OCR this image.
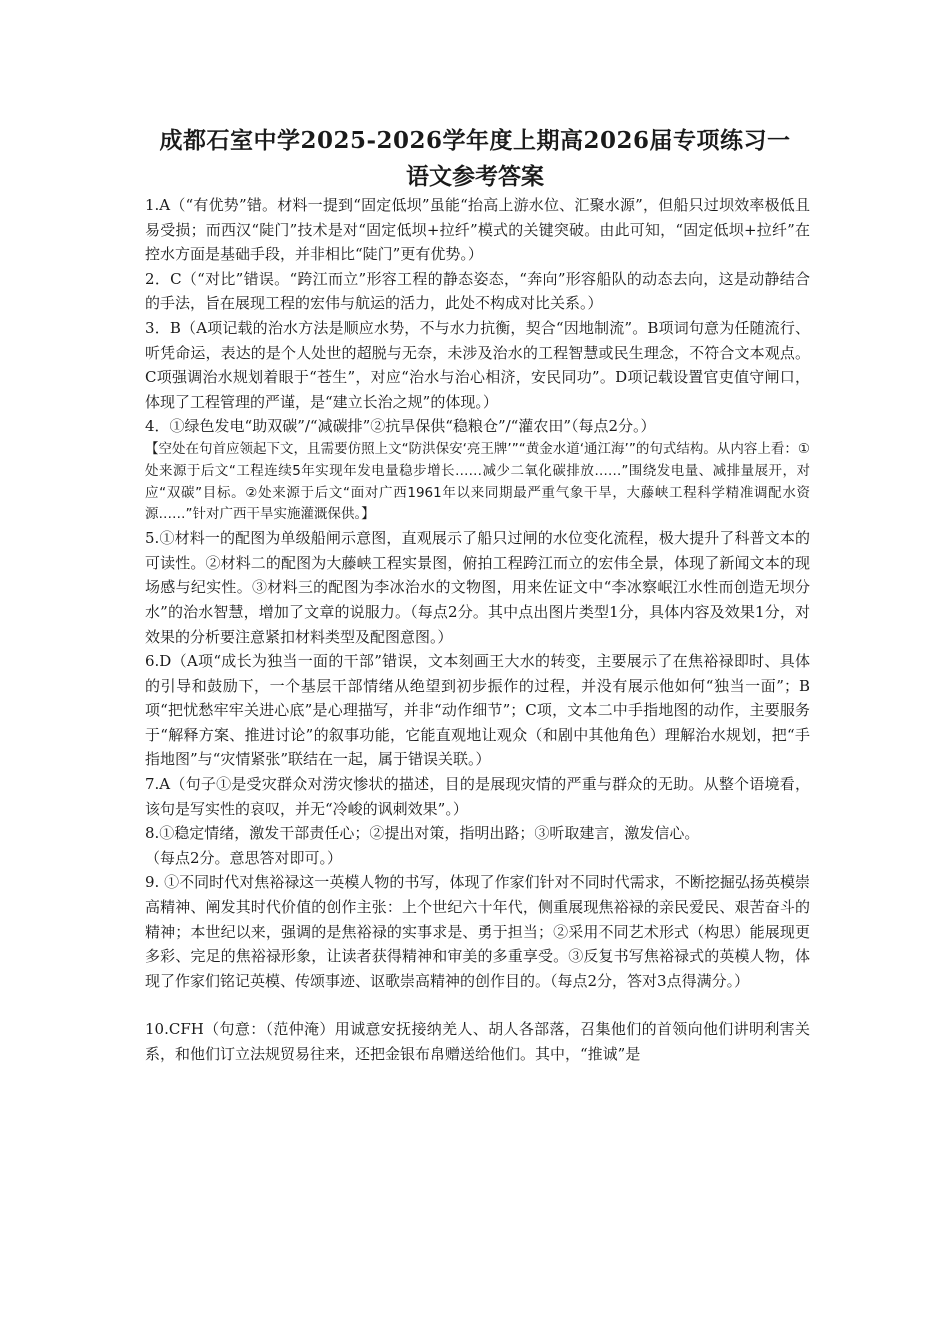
成都石室中学2025-2026学年度上期高2026届专项练习一
语文参考答案

1.A（“有优势”错。材料一提到“固定低坝”虽能“抬高上游水位、汇聚水源”，但船只过坝效率极低且易受损；而西汉“陡门”技术是对“固定低坝+拉纤”模式的关键突破。由此可知，“固定低坝+拉纤”在控水方面是基础手段，并非相比“陡门”更有优势。）

2．C（“对比”错误。“跨江而立”形容工程的静态姿态，“奔向”形容船队的动态去向，这是动静结合的手法，旨在展现工程的宏伟与航运的活力，此处不构成对比关系。）

3．B（A项记载的治水方法是顺应水势，不与水力抗衡，契合“因地制流”。B项词句意为任随流行、听凭命运，表达的是个人处世的超脱与无奈，未涉及治水的工程智慧或民生理念，不符合文本观点。C项强调治水规划着眼于“苍生”，对应“治水与治心相济，安民同功”。D项记载设置官吏值守闸口，体现了工程管理的严谨，是“建立长治之规”的体现。）

4．①绿色发电“助双碳”/“减碳排”②抗旱保供“稳粮仓”/“灌农田”（每点2分。）

【空处在句首应领起下文，且需要仿照上文“防洪保安‘亮王牌’”“黄金水道‘通江海’”的句式结构。从内容上看：①处来源于后文“工程连续5年实现年发电量稳步增长……减少二氧化碳排放……”围绕发电量、减排量展开，对应“双碳”目标。②处来源于后文“面对广西1961年以来同期最严重气象干旱，大藤峡工程科学精准调配水资源……”针对广西干旱实施灌溉保供。】

5.①材料一的配图为单级船闸示意图，直观展示了船只过闸的水位变化流程，极大提升了科普文本的可读性。②材料二的配图为大藤峡工程实景图，俯拍工程跨江而立的宏伟全景，体现了新闻文本的现场感与纪实性。③材料三的配图为李冰治水的文物图，用来佐证文中“李冰察岷江水性而创造无坝分水”的治水智慧，增加了文章的说服力。（每点2分。其中点出图片类型1分，具体内容及效果1分，对效果的分析要注意紧扣材料类型及配图意图。）

6.D（A项“成长为独当一面的干部”错误，文本刻画王大水的转变，主要展示了在焦裕禄即时、具体的引导和鼓励下，一个基层干部情绪从绝望到初步振作的过程，并没有展示他如何“独当一面”；B项“把忧愁牢牢关进心底”是心理描写，并非“动作细节”；C项，文本二中手指地图的动作，主要服务于“解释方案、推进讨论”的叙事功能，它能直观地让观众（和剧中其他角色）理解治水规划，把“手指地图”与“灾情紧张”联结在一起，属于错误关联。）

7.A（句子①是受灾群众对涝灾惨状的描述，目的是展现灾情的严重与群众的无助。从整个语境看，该句是写实性的哀叹，并无“冷峻的讽刺效果”。）

8.①稳定情绪，激发干部责任心；②提出对策，指明出路；③听取建言，激发信心。

（每点2分。意思答对即可。）

9. ①不同时代对焦裕禄这一英模人物的书写，体现了作家们针对不同时代需求，不断挖掘弘扬英模崇高精神、阐发其时代价值的创作主张：上个世纪六十年代，侧重展现焦裕禄的亲民爱民、艰苦奋斗的精神；本世纪以来，强调的是焦裕禄的实事求是、勇于担当；②采用不同艺术形式（构思）能展现更多彩、完足的焦裕禄形象，让读者获得精神和审美的多重享受。③反复书写焦裕禄式的英模人物，体现了作家们铭记英模、传颂事迹、讴歌崇高精神的创作目的。（每点2分，答对3点得满分。）

10.CFH（句意：（范仲淹）用诚意安抚接纳羌人、胡人各部落，召集他们的首领向他们讲明利害关系，和他们订立法规贸易往来，还把金银布帛赠送给他们。其中，“推诚”是
